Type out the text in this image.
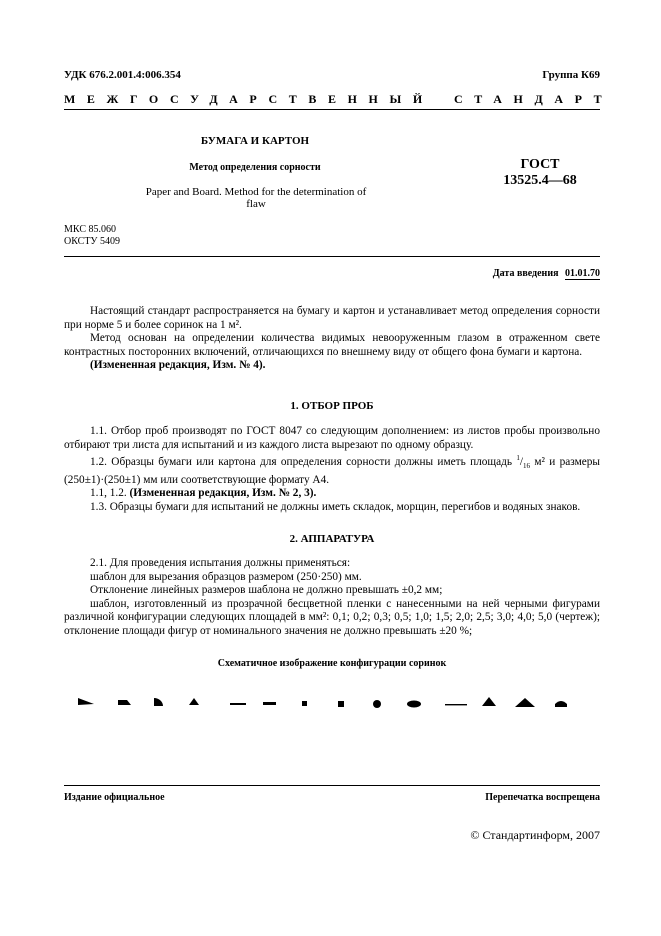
УДК 676.2.001.4:006.354	Группа К69
МЕЖГОСУДАРСТВЕННЫЙ СТАНДАРТ
БУМАГА И КАРТОН
Метод определения сорности
Paper and Board. Method for the determination of flaw
ГОСТ
13525.4—68
МКС 85.060
ОКСТУ 5409
Дата введения 01.01.70

Настоящий стандарт распространяется на бумагу и картон и устанавливает метод определения сорности при норме 5 и более соринок на 1 м².

Метод основан на определении количества видимых невооруженным глазом в отраженном свете контрастных посторонних включений, отличающихся по внешнему виду от общего фона бумаги и картона.

(Измененная редакция, Изм. № 4).

1. ОТБОР ПРОБ

1.1. Отбор проб производят по ГОСТ 8047 со следующим дополнением: из листов пробы произвольно отбирают три листа для испытаний и из каждого листа вырезают по одному образцу.

1.2. Образцы бумаги или картона для определения сорности должны иметь площадь $^1/_{16}$ м² и размеры (250±1)·(250±1) мм или соответствующие формату А4.

1.1, 1.2. (Измененная редакция, Изм. № 2, 3).

1.3. Образцы бумаги для испытаний не должны иметь складок, морщин, перегибов и водяных знаков.

2. АППАРАТУРА

2.1. Для проведения испытания должны применяться:

шаблон для вырезания образцов размером (250·250) мм.

Отклонение линейных размеров шаблона не должно превышать ±0,2 мм;

шаблон, изготовленный из прозрачной бесцветной пленки с нанесенными на ней черными фигурами различной конфигурации следующих площадей в мм²: 0,1; 0,2; 0,3; 0,5; 1,0; 1,5; 2,0; 2,5; 3,0; 4,0; 5,0 (чертеж); отклонение площади фигур от номинального значения не должно превышать ±20 %;

Схематичное изображение конфигурации соринок
Издание официальное	Перепечатка воспрещена
© Стандартинформ, 2007
